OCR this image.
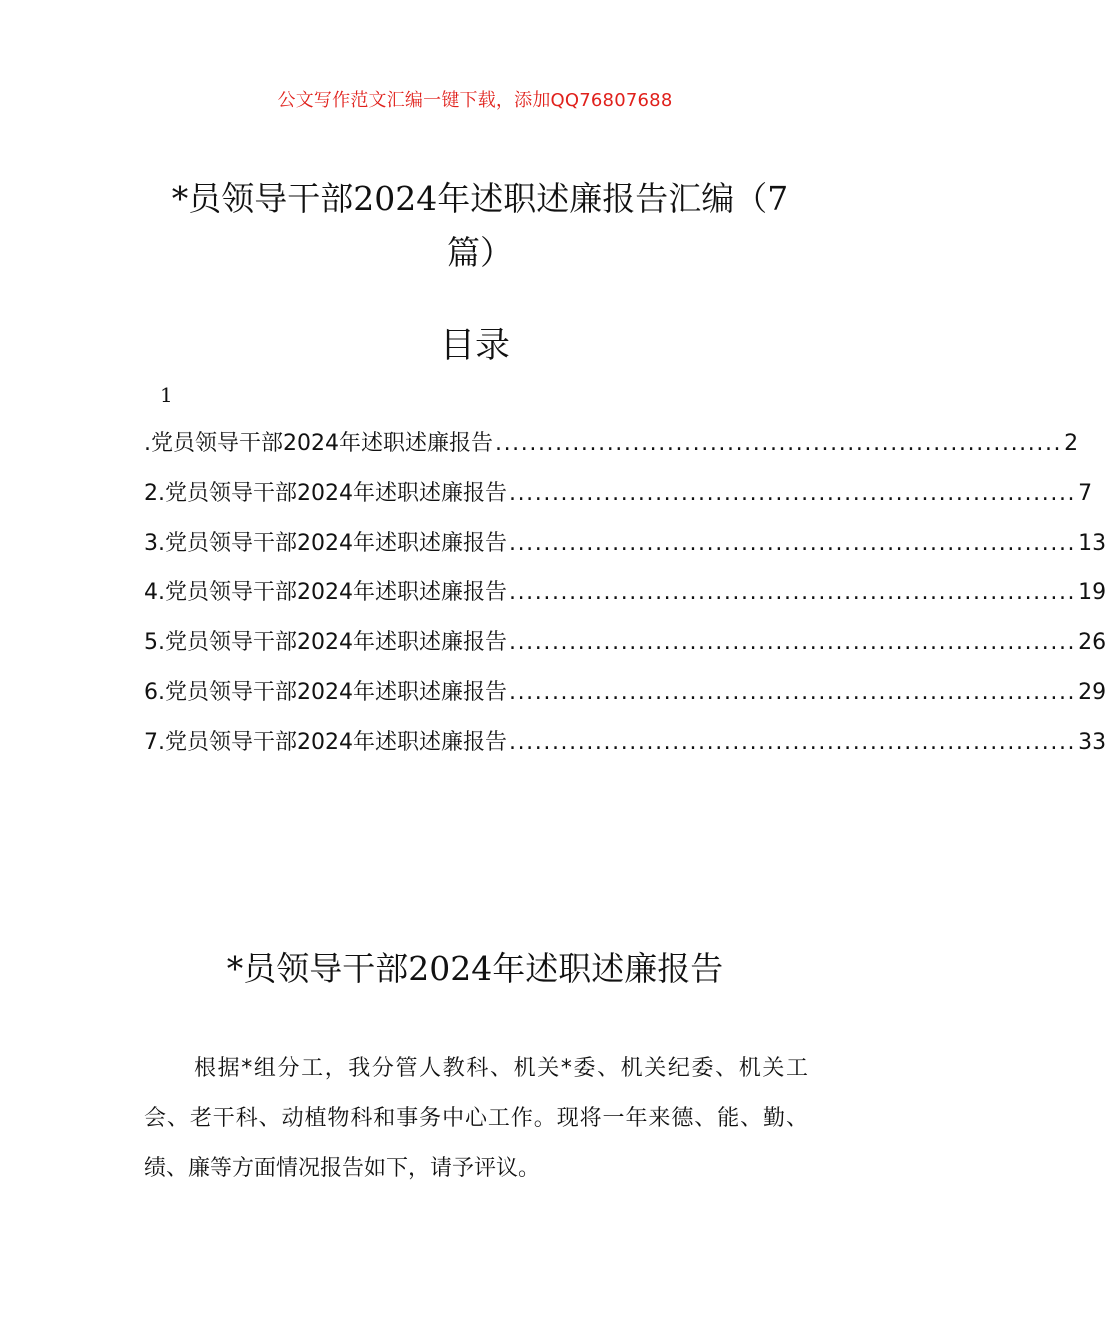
公文写作范文汇编一键下载，添加QQ76807688
*员领导干部2024年述职述廉报告汇编（7篇）
目录
1
.党员领导干部2024年述职述廉报告 .................................................................. 2
2.党员领导干部2024年述职述廉报告 .................................................................. 7
3.党员领导干部2024年述职述廉报告 .................................................................. 13
4.党员领导干部2024年述职述廉报告 .................................................................. 19
5.党员领导干部2024年述职述廉报告 .................................................................. 26
6.党员领导干部2024年述职述廉报告 .................................................................. 29
7.党员领导干部2024年述职述廉报告 .................................................................. 33
*员领导干部2024年述职述廉报告
根据*组分工，我分管人教科、机关*委、机关纪委、机关工会、老干科、动植物科和事务中心工作。现将一年来德、能、勤、绩、廉等方面情况报告如下，请予评议。
